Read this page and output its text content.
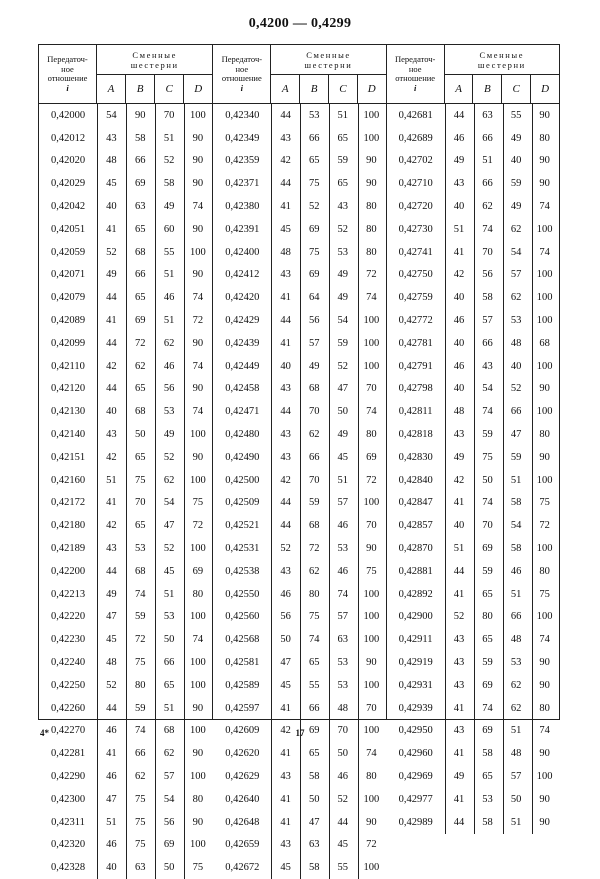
0,4200 — 0,4299
Передаточ-
ное
отношение
i
Сменные
шестерни
A	B	C	D
0,42000	54	90	70	100
0,42012	43	58	51	90
0,42020	48	66	52	90
0,42029	45	69	58	90
0,42042	40	63	49	74
0,42051	41	65	60	90
0,42059	52	68	55	100
0,42071	49	66	51	90
0,42079	44	65	46	74
0,42089	41	69	51	72
0,42099	44	72	62	90
0,42110	42	62	46	74
0,42120	44	65	56	90
0,42130	40	68	53	74
0,42140	43	50	49	100
0,42151	42	65	52	90
0,42160	51	75	62	100
0,42172	41	70	54	75
0,42180	42	65	47	72
0,42189	43	53	52	100
0,42200	44	68	45	69
0,42213	49	74	51	80
0,42220	47	59	53	100
0,42230	45	72	50	74
0,42240	48	75	66	100
0,42250	52	80	65	100
0,42260	44	59	51	90
0,42270	46	74	68	100
0,42281	41	66	62	90
0,42290	46	62	57	100
0,42300	47	75	54	80
0,42311	51	75	56	90
0,42320	46	75	69	100
0,42328	40	63	50	75
Передаточ-
ное
отношение
i
Сменные
шестерни
A	B	C	D
0,42340	44	53	51	100
0,42349	43	66	65	100
0,42359	42	65	59	90
0,42371	44	75	65	90
0,42380	41	52	43	80
0,42391	45	69	52	80
0,42400	48	75	53	80
0,42412	43	69	49	72
0,42420	41	64	49	74
0,42429	44	56	54	100
0,42439	41	57	59	100
0,42449	40	49	52	100
0,42458	43	68	47	70
0,42471	44	70	50	74
0,42480	43	62	49	80
0,42490	43	66	45	69
0,42500	42	70	51	72
0,42509	44	59	57	100
0,42521	44	68	46	70
0,42531	52	72	53	90
0,42538	43	62	46	75
0,42550	46	80	74	100
0,42560	56	75	57	100
0,42568	50	74	63	100
0,42581	47	65	53	90
0,42589	45	55	53	100
0,42597	41	66	48	70
0,42609	42	69	70	100
0,42620	41	65	50	74
0,42629	43	58	46	80
0,42640	41	50	52	100
0,42648	41	47	44	90
0,42659	43	63	45	72
0,42672	45	58	55	100
Передаточ-
ное
отношение
i
Сменные
шестерни
A	B	C	D
0,42681	44	63	55	90
0,42689	46	66	49	80
0,42702	49	51	40	90
0,42710	43	66	59	90
0,42720	40	62	49	74
0,42730	51	74	62	100
0,42741	41	70	54	74
0,42750	42	56	57	100
0,42759	40	58	62	100
0,42772	46	57	53	100
0,42781	40	66	48	68
0,42791	46	43	40	100
0,42798	40	54	52	90
0,42811	48	74	66	100
0,42818	43	59	47	80
0,42830	49	75	59	90
0,42840	42	50	51	100
0,42847	41	74	58	75
0,42857	40	70	54	72
0,42870	51	69	58	100
0,42881	44	59	46	80
0,42892	41	65	51	75
0,42900	52	80	66	100
0,42911	43	65	48	74
0,42919	43	59	53	90
0,42931	43	69	62	90
0,42939	41	74	62	80
0,42950	43	69	51	74
0,42960	41	58	48	90
0,42969	49	65	57	100
0,42977	41	53	50	90
0,42989	44	58	51	90
4*	17
